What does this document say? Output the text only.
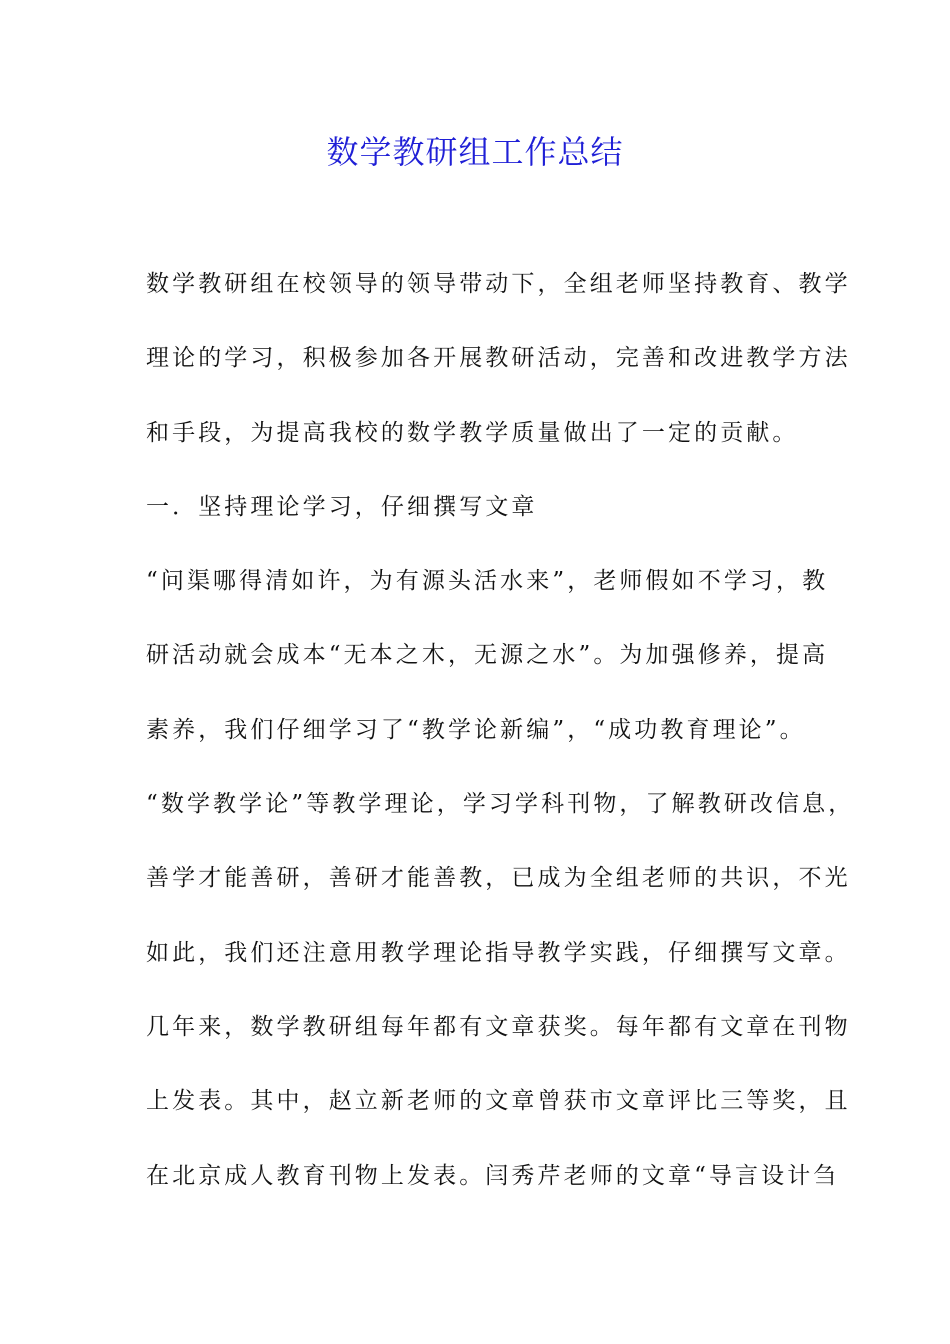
数学教研组工作总结
数学教研组在校领导的领导带动下，全组老师坚持教育、教学
理论的学习，积极参加各开展教研活动，完善和改进教学方法
和手段，为提高我校的数学教学质量做出了一定的贡献。
一．坚持理论学习，仔细撰写文章
“问渠哪得清如许，为有源头活水来”，老师假如不学习，教
研活动就会成本“无本之木，无源之水”。为加强修养，提高
素养，我们仔细学习了“教学论新编”，“成功教育理论”。
“数学教学论”等教学理论，学习学科刊物，了解教研改信息，
善学才能善研，善研才能善教，已成为全组老师的共识，不光
如此，我们还注意用教学理论指导教学实践，仔细撰写文章。
几年来，数学教研组每年都有文章获奖。每年都有文章在刊物
上发表。其中，赵立新老师的文章曾获市文章评比三等奖，且
在北京成人教育刊物上发表。闫秀芹老师的文章“导言设计刍
